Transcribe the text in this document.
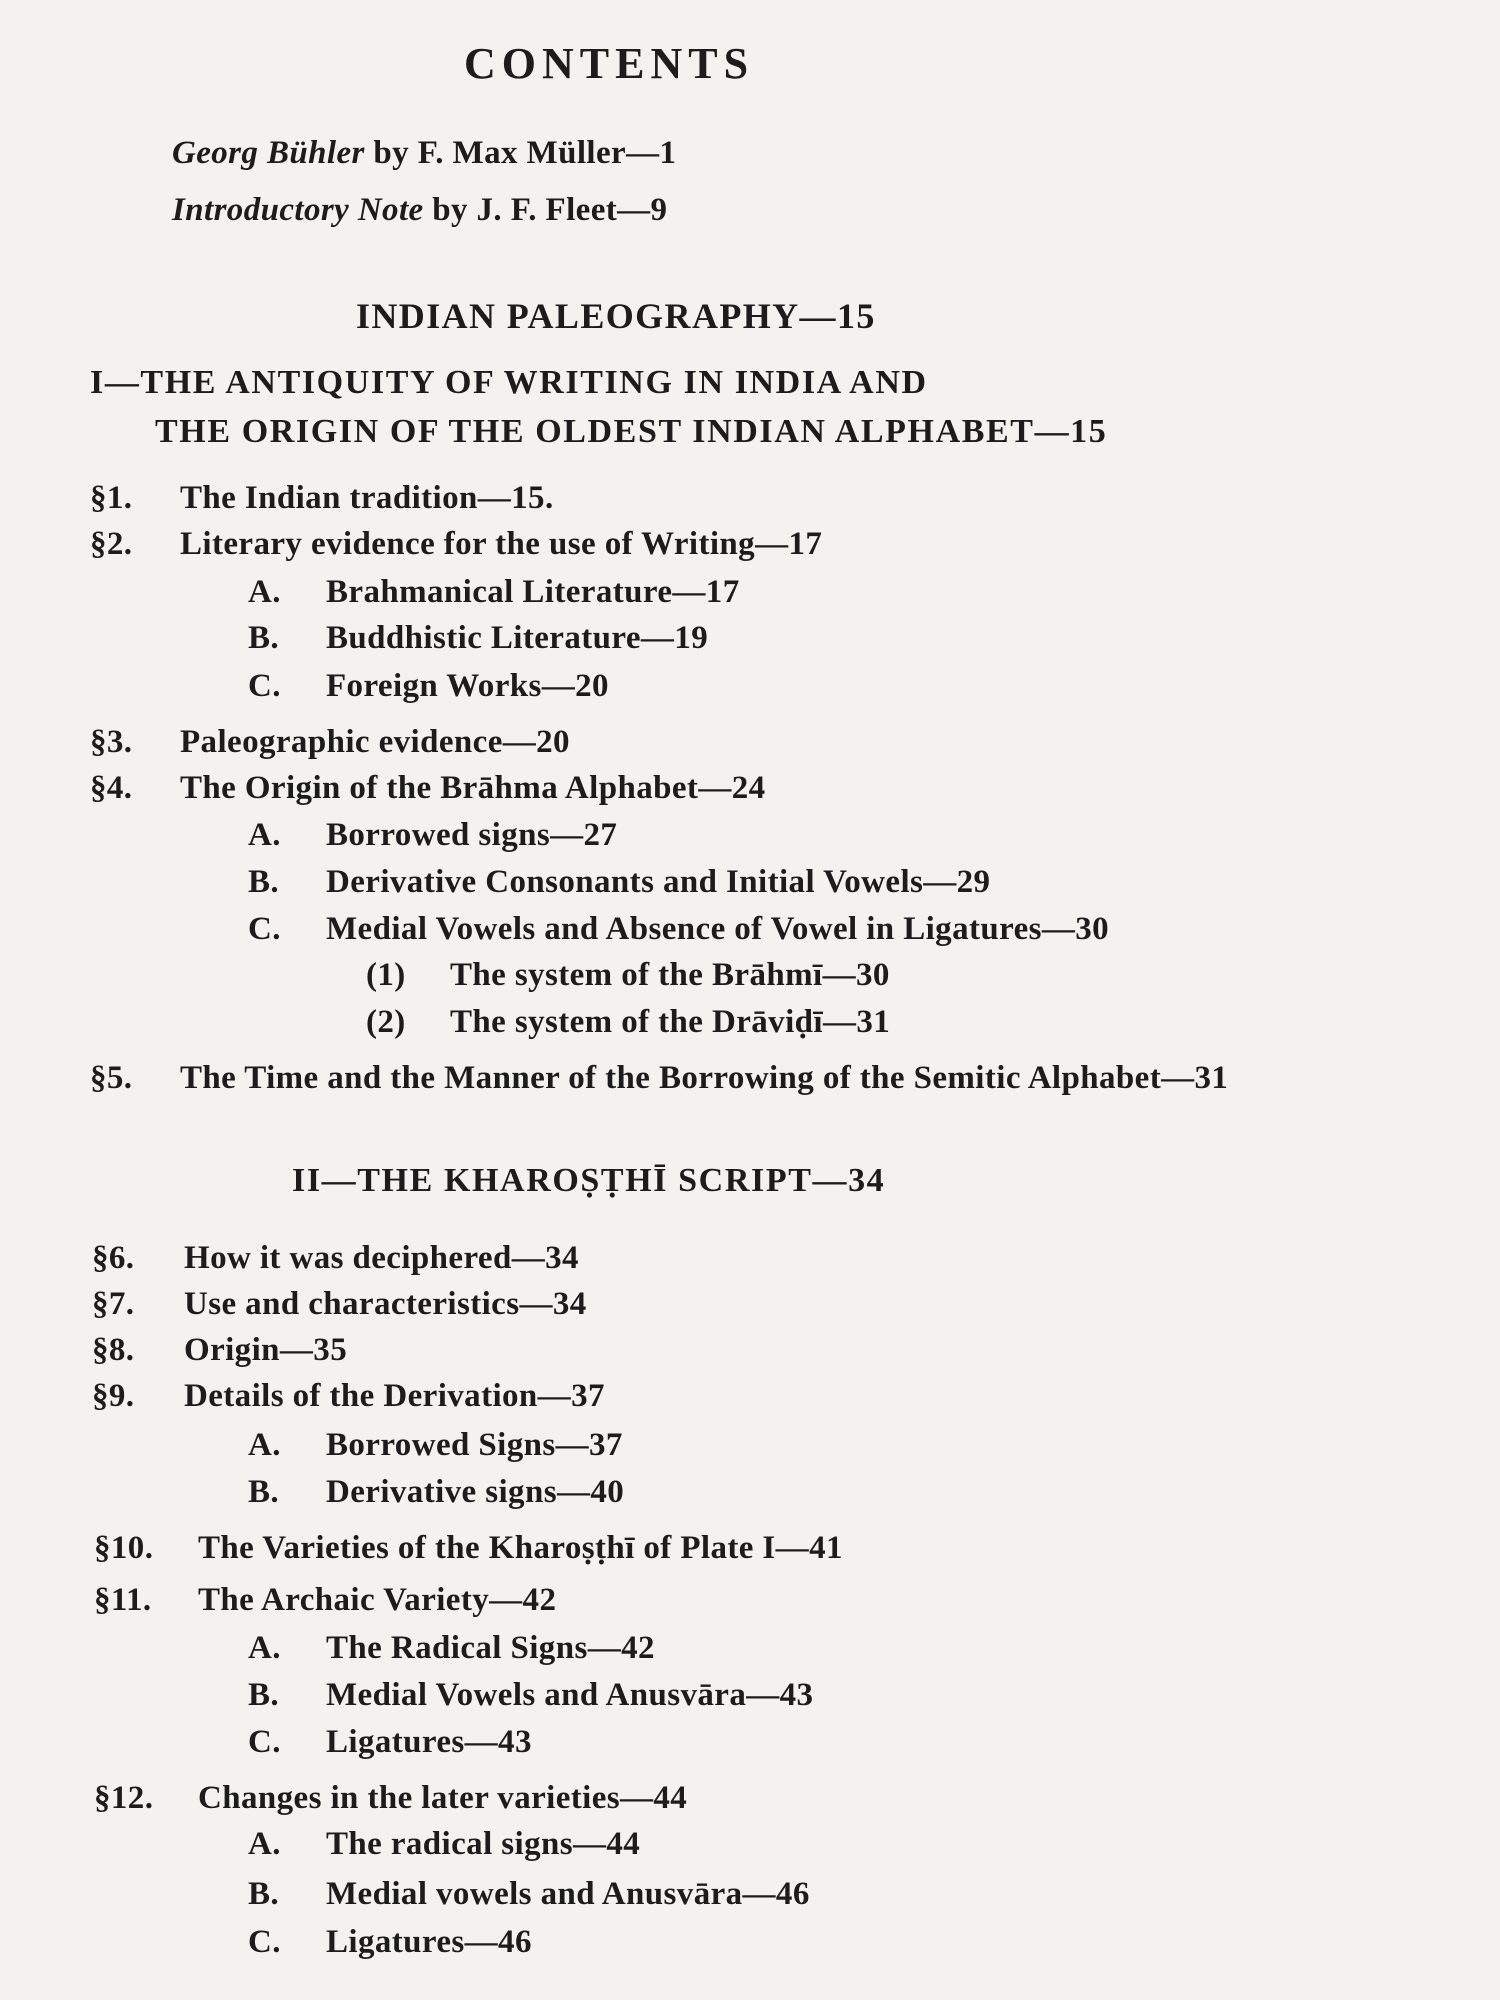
CONTENTS
Georg Bühler by F. Max Müller—1
Introductory Note by J. F. Fleet—9
INDIAN PALEOGRAPHY—15
I—THE ANTIQUITY OF WRITING IN INDIA AND
THE ORIGIN OF THE OLDEST INDIAN ALPHABET—15
§1. The Indian tradition—15.
§2. Literary evidence for the use of Writing—17
A. Brahmanical Literature—17
B. Buddhistic Literature—19
C. Foreign Works—20
§3. Paleographic evidence—20
§4. The Origin of the Brāhma Alphabet—24
A. Borrowed signs—27
B. Derivative Consonants and Initial Vowels—29
C. Medial Vowels and Absence of Vowel in Ligatures—30
(1) The system of the Brāhmī—30
(2) The system of the Drāviḍī—31
§5. The Time and the Manner of the Borrowing of the Semitic Alphabet—31
II—THE KHAROṢṬHĪ SCRIPT—34
§6. How it was deciphered—34
§7. Use and characteristics—34
§8. Origin—35
§9. Details of the Derivation—37
A. Borrowed Signs—37
B. Derivative signs—40
§10. The Varieties of the Kharoṣṭhī of Plate I—41
§11. The Archaic Variety—42
A. The Radical Signs—42
B. Medial Vowels and Anusvāra—43
C. Ligatures—43
§12. Changes in the later varieties—44
A. The radical signs—44
B. Medial vowels and Anusvāra—46
C. Ligatures—46
